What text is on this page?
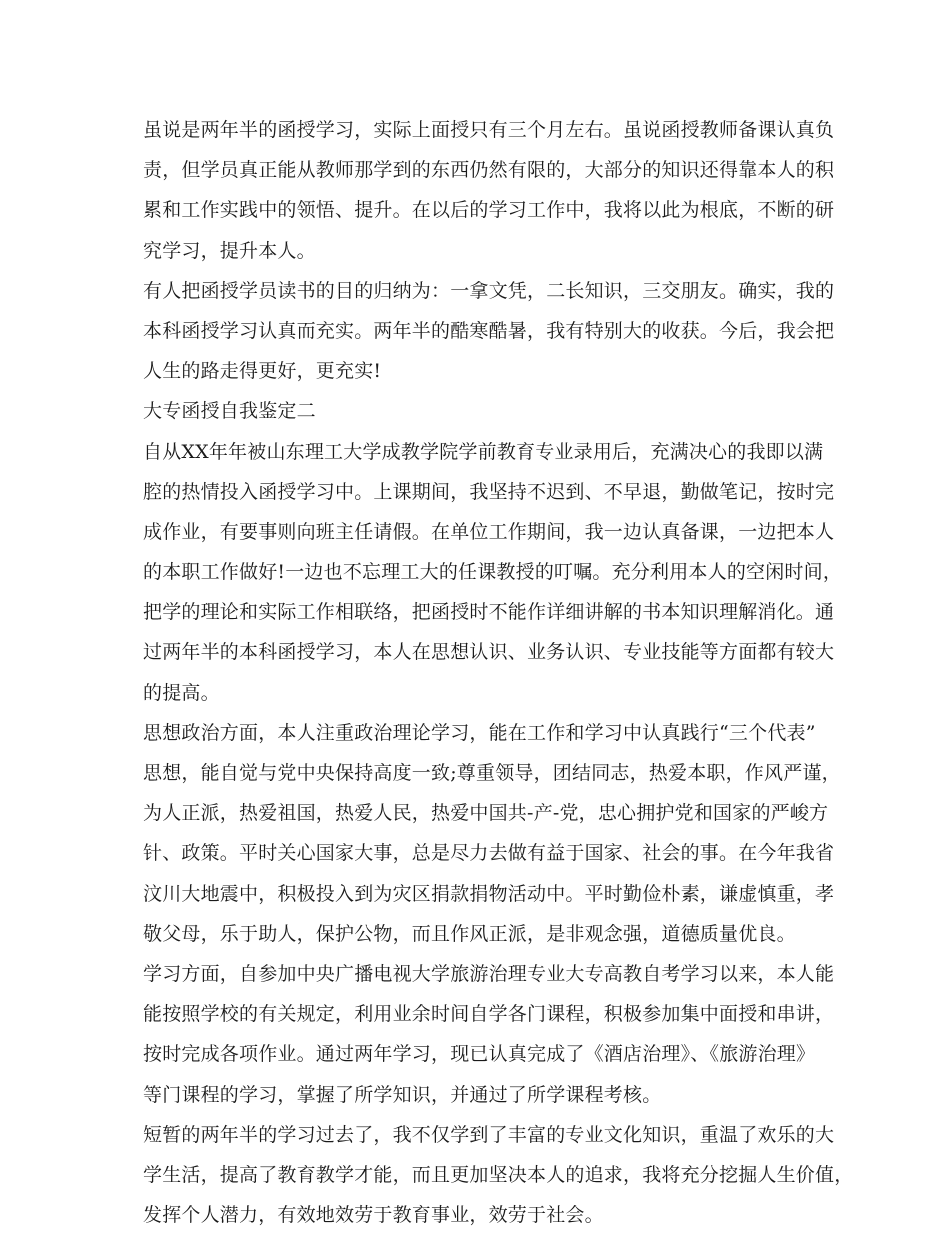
虽说是两年半的函授学习，实际上面授只有三个月左右。虽说函授教师备课认真负
责，但学员真正能从教师那学到的东西仍然有限的，大部分的知识还得靠本人的积
累和工作实践中的领悟、提升。在以后的学习工作中，我将以此为根底，不断的研
究学习，提升本人。
有人把函授学员读书的目的归纳为：一拿文凭，二长知识，三交朋友。确实，我的
本科函授学习认真而充实。两年半的酷寒酷暑，我有特别大的收获。今后，我会把
人生的路走得更好，更充实!
大专函授自我鉴定二
自从XX年年被山东理工大学成教学院学前教育专业录用后，充满决心的我即以满
腔的热情投入函授学习中。上课期间，我坚持不迟到、不早退，勤做笔记，按时完
成作业，有要事则向班主任请假。在单位工作期间，我一边认真备课，一边把本人
的本职工作做好!一边也不忘理工大的任课教授的叮嘱。充分利用本人的空闲时间，
把学的理论和实际工作相联络，把函授时不能作详细讲解的书本知识理解消化。通
过两年半的本科函授学习，本人在思想认识、业务认识、专业技能等方面都有较大
的提高。
思想政治方面，本人注重政治理论学习，能在工作和学习中认真践行“三个代表”
思想，能自觉与党中央保持高度一致;尊重领导，团结同志，热爱本职，作风严谨，
为人正派，热爱祖国，热爱人民，热爱中国共-产-党，忠心拥护党和国家的严峻方
针、政策。平时关心国家大事，总是尽力去做有益于国家、社会的事。在今年我省
汶川大地震中，积极投入到为灾区捐款捐物活动中。平时勤俭朴素，谦虚慎重，孝
敬父母，乐于助人，保护公物，而且作风正派，是非观念强，道德质量优良。
学习方面，自参加中央广播电视大学旅游治理专业大专高教自考学习以来，本人能
能按照学校的有关规定，利用业余时间自学各门课程，积极参加集中面授和串讲，
按时完成各项作业。通过两年学习，现已认真完成了《酒店治理》、《旅游治理》
等门课程的学习，掌握了所学知识，并通过了所学课程考核。
短暂的两年半的学习过去了，我不仅学到了丰富的专业文化知识，重温了欢乐的大
学生活，提高了教育教学才能，而且更加坚决本人的追求，我将充分挖掘人生价值，
发挥个人潜力，有效地效劳于教育事业，效劳于社会。
